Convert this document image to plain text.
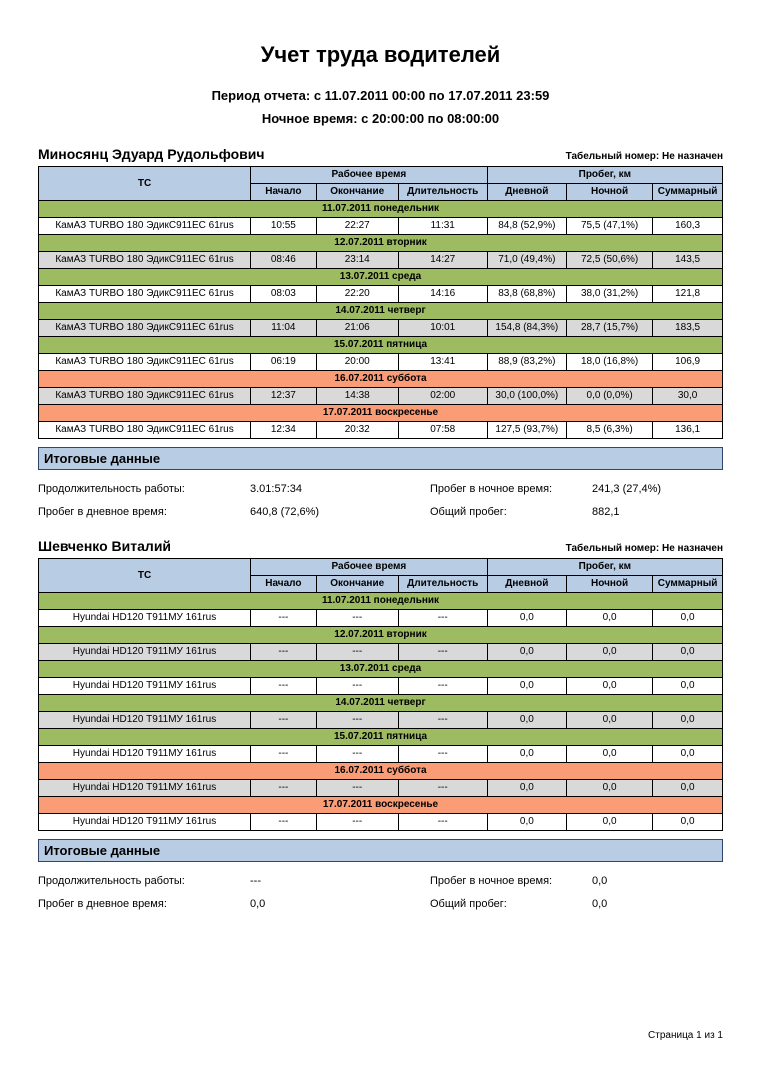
Учет труда водителей
Период отчета: с 11.07.2011 00:00 по 17.07.2011 23:59
Ночное время: с 20:00:00 по 08:00:00
Миносянц Эдуард Рудольфович	Табельный номер: Не назначен
ТС	Рабочее время			Пробег, км		
	Начало	Окончание	Длительность	Дневной	Ночной	Суммарный
11.07.2011 понедельник						
КамАЗ TURBO 180 ЭдикС911ЕС 61rus	10:55	22:27	11:31	84,8 (52,9%)	75,5 (47,1%)	160,3
12.07.2011 вторник						
КамАЗ TURBO 180 ЭдикС911ЕС 61rus	08:46	23:14	14:27	71,0 (49,4%)	72,5 (50,6%)	143,5
13.07.2011 среда						
КамАЗ TURBO 180 ЭдикС911ЕС 61rus	08:03	22:20	14:16	83,8 (68,8%)	38,0 (31,2%)	121,8
14.07.2011 четверг						
КамАЗ TURBO 180 ЭдикС911ЕС 61rus	11:04	21:06	10:01	154,8 (84,3%)	28,7 (15,7%)	183,5
15.07.2011 пятница						
КамАЗ TURBO 180 ЭдикС911ЕС 61rus	06:19	20:00	13:41	88,9 (83,2%)	18,0 (16,8%)	106,9
16.07.2011 суббота						
КамАЗ TURBO 180 ЭдикС911ЕС 61rus	12:37	14:38	02:00	30,0 (100,0%)	0,0 (0,0%)	30,0
17.07.2011 воскресенье						
КамАЗ TURBO 180 ЭдикС911ЕС 61rus	12:34	20:32	07:58	127,5 (93,7%)	8,5 (6,3%)	136,1
Итоговые данные
Продолжительность работы:	3.01:57:34	Пробег в ночное время:	241,3 (27,4%)
Пробег в дневное время:	640,8 (72,6%)	Общий пробег:	882,1
Шевченко Виталий	Табельный номер: Не назначен
ТС	Рабочее время			Пробег, км		
	Начало	Окончание	Длительность	Дневной	Ночной	Суммарный
11.07.2011 понедельник						
Hyundai HD120 Т911МУ 161rus	---	---	---	0,0	0,0	0,0
12.07.2011 вторник						
Hyundai HD120 Т911МУ 161rus	---	---	---	0,0	0,0	0,0
13.07.2011 среда						
Hyundai HD120 Т911МУ 161rus	---	---	---	0,0	0,0	0,0
14.07.2011 четверг						
Hyundai HD120 Т911МУ 161rus	---	---	---	0,0	0,0	0,0
15.07.2011 пятница						
Hyundai HD120 Т911МУ 161rus	---	---	---	0,0	0,0	0,0
16.07.2011 суббота						
Hyundai HD120 Т911МУ 161rus	---	---	---	0,0	0,0	0,0
17.07.2011 воскресенье						
Hyundai HD120 Т911МУ 161rus	---	---	---	0,0	0,0	0,0
Итоговые данные
Продолжительность работы:	---	Пробег в ночное время:	0,0
Пробег в дневное время:	0,0	Общий пробег:	0,0
Страница 1 из 1
